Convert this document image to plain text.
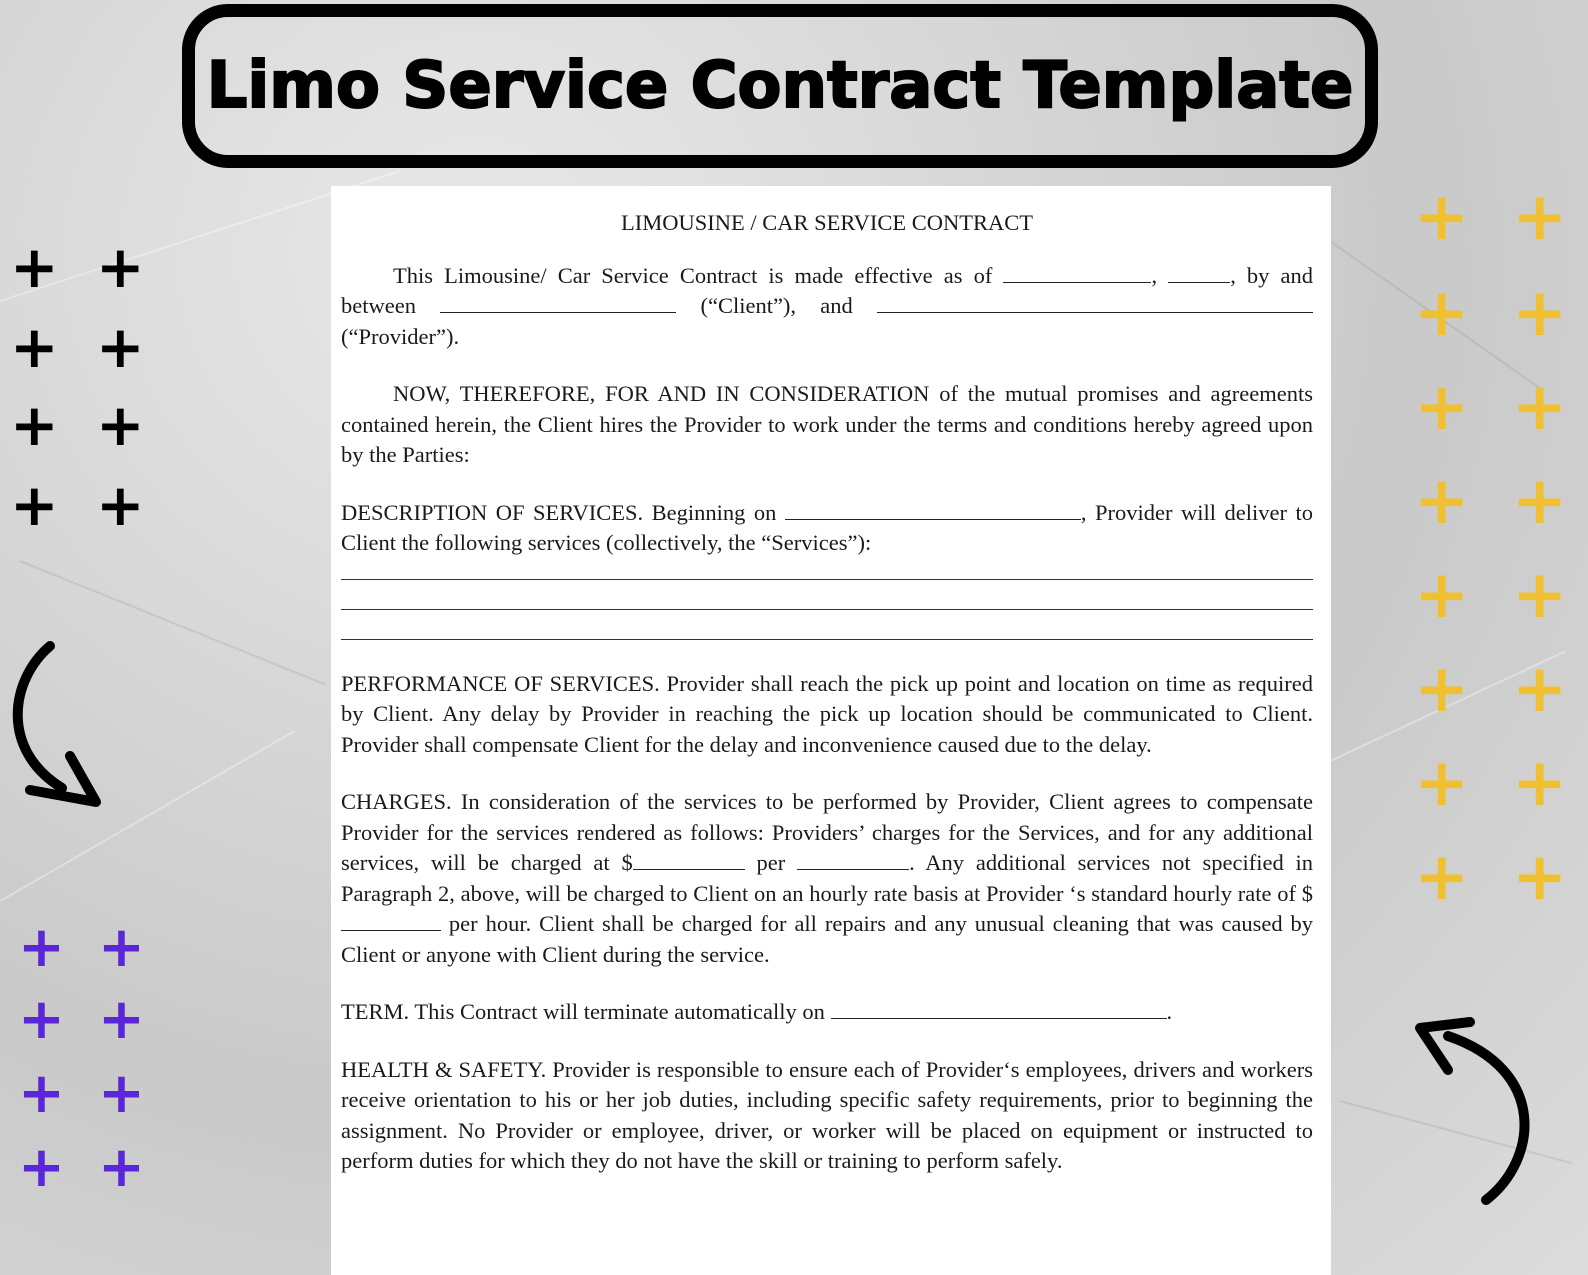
Limo Service Contract Template
+ +
+ +
+ +
+ +
+ +
+ +
+ +
+ +
+ +
+ +
+ +
+ +
+ +
+ +
+ +
+ +
LIMOUSINE / CAR SERVICE CONTRACT

This Limousine/ Car Service Contract is made effective as of	,	, by and between	(“Client”), and  (“Provider”).

NOW, THEREFORE, FOR AND IN CONSIDERATION of the mutual promises and agreements contained herein, the Client hires the Provider to work under the terms and conditions hereby agreed upon by the Parties:

DESCRIPTION OF SERVICES. Beginning on	, Provider will deliver to Client the following services (collectively, the “Services”):

PERFORMANCE OF SERVICES. Provider shall reach the pick up point and location on time as required by Client. Any delay by Provider in reaching the pick up location should be communicated to Client. Provider shall compensate Client for the delay and inconvenience caused due to the delay.

CHARGES. In consideration of the services to be performed by Provider, Client agrees to compensate Provider for the services rendered as follows: Providers’ charges for the Services, and for any additional services, will be charged at $	per	. Any additional services not specified in Paragraph 2, above, will be charged to Client on an hourly rate basis at Provider ‘s standard hourly rate of $ per hour. Client shall be charged for all repairs and any unusual cleaning that was caused by Client or anyone with Client during the service.

TERM. This Contract will terminate automatically on	.

HEALTH & SAFETY. Provider is responsible to ensure each of Provider‘s employees, drivers and workers receive orientation to his or her job duties, including specific safety requirements, prior to beginning the assignment. No Provider or employee, driver, or worker will be placed on equipment or instructed to perform duties for which they do not have the skill or training to perform safely.
